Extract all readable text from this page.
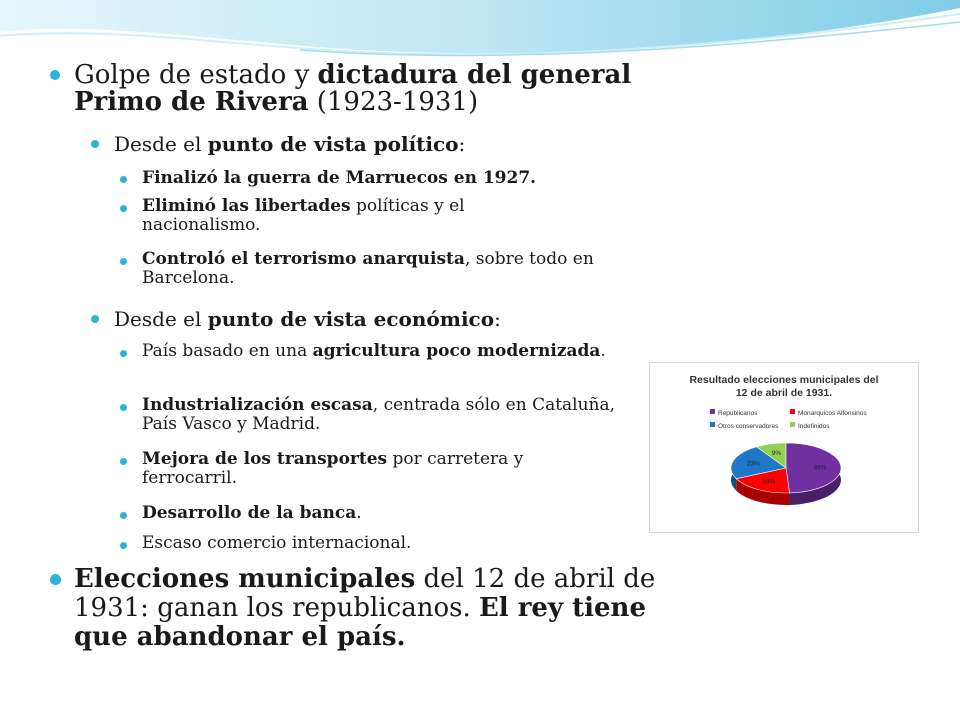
Golpe de estado y dictadura del general Primo de Rivera (1923-1931)
Desde el punto de vista político:
Finalizó la guerra de Marruecos en 1927.
Eliminó las libertades políticas y el nacionalismo.
Controló el terrorismo anarquista, sobre todo en Barcelona.
Desde el punto de vista económico:
País basado en una agricultura poco modernizada.
Industrialización escasa, centrada sólo en Cataluña, País Vasco y Madrid.
Mejora de los transportes por carretera y ferrocarril.
Desarrollo de la banca.
Escaso comercio internacional.
Elecciones municipales del 12 de abril de 1931: ganan los republicanos. El rey tiene que abandonar el país.
Resultado elecciones municipales del 12 de abril de 1931.
Republicanos	Monarquicos Alfonsinos
Otros conservadores	Indefinidos
9%
49%
19%
23%
